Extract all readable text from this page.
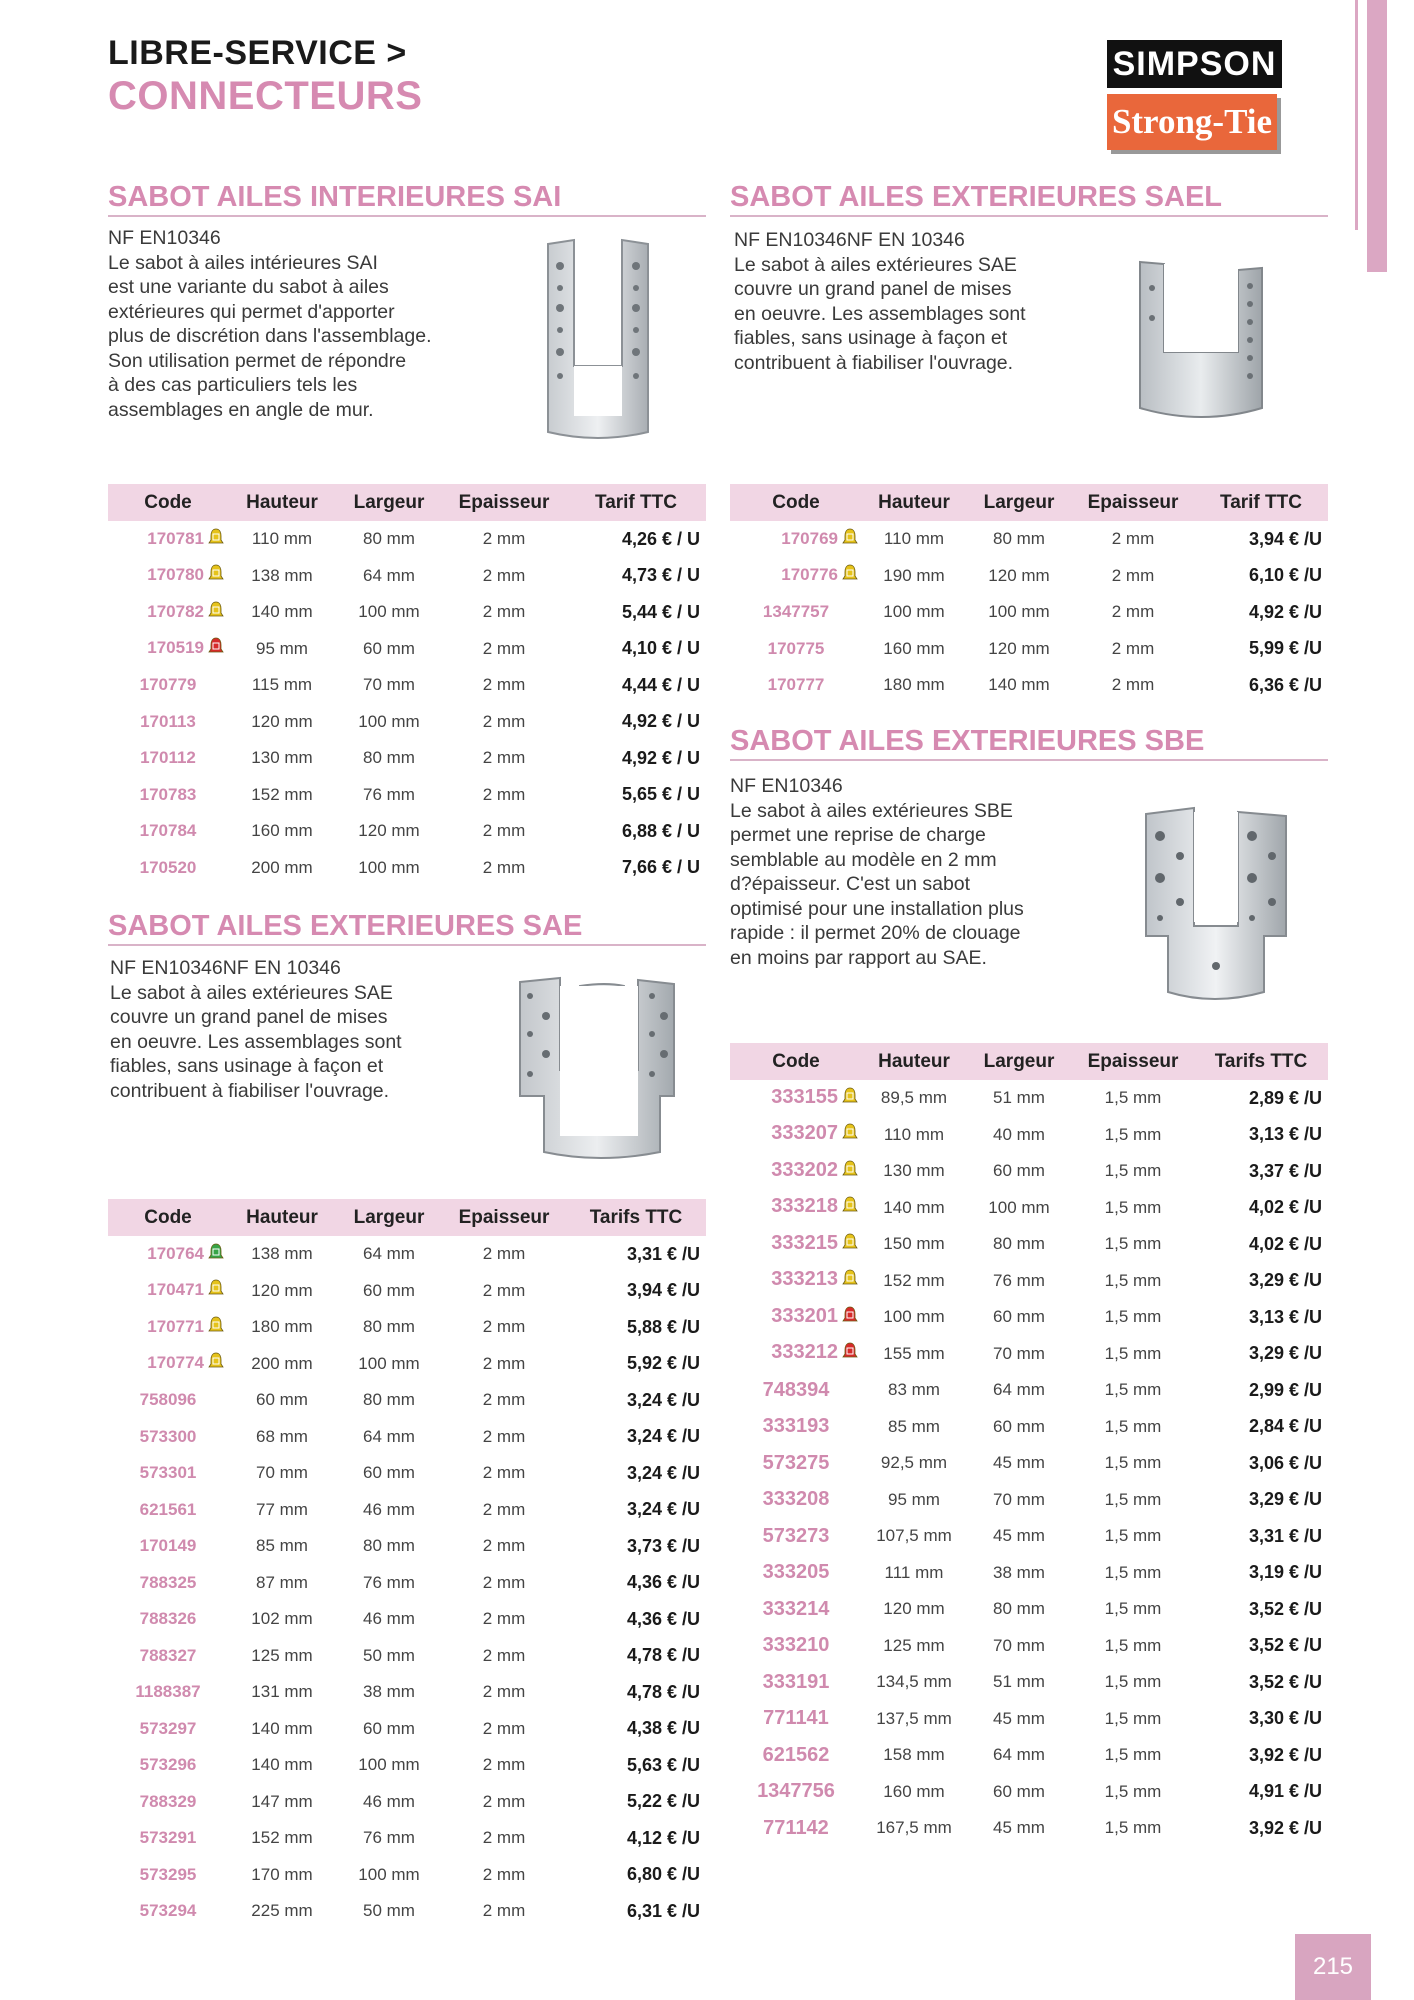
LIBRE-SERVICE >
CONNECTEURS
SIMPSON
Strong-Tie
SABOT AILES INTERIEURES SAI
NF EN10346
Le sabot à ailes intérieures SAI
est une variante du sabot à ailes
extérieures qui permet d'apporter
plus de discrétion dans l'assemblage.
Son utilisation permet de répondre
à des cas particuliers tels les
assemblages en angle de mur.
Code	Hauteur	Largeur	Epaisseur	Tarif TTC
170781	110 mm	80 mm	2 mm	4,26 € / U
170780	138 mm	64 mm	2 mm	4,73 € / U
170782	140 mm	100 mm	2 mm	5,44 € / U
170519	95 mm	60 mm	2 mm	4,10 € / U
170779	115 mm	70 mm	2 mm	4,44 € / U
170113	120 mm	100 mm	2 mm	4,92 € / U
170112	130 mm	80 mm	2 mm	4,92 € / U
170783	152 mm	76 mm	2 mm	5,65 € / U
170784	160 mm	120 mm	2 mm	6,88 € / U
170520	200 mm	100 mm	2 mm	7,66 € / U
SABOT AILES EXTERIEURES SAEL
NF EN10346NF EN 10346
Le sabot à ailes extérieures SAE
couvre un grand panel de mises
en oeuvre. Les assemblages sont
fiables, sans usinage à façon et
contribuent à fiabiliser l'ouvrage.
Code	Hauteur	Largeur	Epaisseur	Tarif TTC
170769	110 mm	80 mm	2 mm	3,94 € /U
170776	190 mm	120 mm	2 mm	6,10 € /U
1347757	100 mm	100 mm	2 mm	4,92 € /U
170775	160 mm	120 mm	2 mm	5,99 € /U
170777	180 mm	140 mm	2 mm	6,36 € /U
SABOT AILES EXTERIEURES SAE
NF EN10346NF EN 10346
Le sabot à ailes extérieures SAE
couvre un grand panel de mises
en oeuvre. Les assemblages sont
fiables, sans usinage à façon et
contribuent à fiabiliser l'ouvrage.
Code	Hauteur	Largeur	Epaisseur	Tarifs TTC
170764	138 mm	64 mm	2 mm	3,31 € /U
170471	120 mm	60 mm	2 mm	3,94 € /U
170771	180 mm	80 mm	2 mm	5,88 € /U
170774	200 mm	100 mm	2 mm	5,92 € /U
758096	60 mm	80 mm	2 mm	3,24 € /U
573300	68 mm	64 mm	2 mm	3,24 € /U
573301	70 mm	60 mm	2 mm	3,24 € /U
621561	77 mm	46 mm	2 mm	3,24 € /U
170149	85 mm	80 mm	2 mm	3,73 € /U
788325	87 mm	76 mm	2 mm	4,36 € /U
788326	102 mm	46 mm	2 mm	4,36 € /U
788327	125 mm	50 mm	2 mm	4,78 € /U
1188387	131 mm	38 mm	2 mm	4,78 € /U
573297	140 mm	60 mm	2 mm	4,38 € /U
573296	140 mm	100 mm	2 mm	5,63 € /U
788329	147 mm	46 mm	2 mm	5,22 € /U
573291	152 mm	76 mm	2 mm	4,12 € /U
573295	170 mm	100 mm	2 mm	6,80 € /U
573294	225 mm	50 mm	2 mm	6,31 € /U
SABOT AILES EXTERIEURES SBE
NF EN10346
Le sabot à ailes extérieures SBE
permet une reprise de charge
semblable au modèle en 2 mm
d?épaisseur. C'est un sabot
optimisé pour une installation plus
rapide : il permet 20% de clouage
en moins par rapport au SAE.
Code	Hauteur	Largeur	Epaisseur	Tarifs TTC
333155	89,5 mm	51 mm	1,5 mm	2,89 € /U
333207	110 mm	40 mm	1,5 mm	3,13 € /U
333202	130 mm	60 mm	1,5 mm	3,37 € /U
333218	140 mm	100 mm	1,5 mm	4,02 € /U
333215	150 mm	80 mm	1,5 mm	4,02 € /U
333213	152 mm	76 mm	1,5 mm	3,29 € /U
333201	100 mm	60 mm	1,5 mm	3,13 € /U
333212	155 mm	70 mm	1,5 mm	3,29 € /U
748394	83 mm	64 mm	1,5 mm	2,99 € /U
333193	85 mm	60 mm	1,5 mm	2,84 € /U
573275	92,5 mm	45 mm	1,5 mm	3,06 € /U
333208	95 mm	70 mm	1,5 mm	3,29 € /U
573273	107,5 mm	45 mm	1,5 mm	3,31 € /U
333205	111 mm	38 mm	1,5 mm	3,19 € /U
333214	120 mm	80 mm	1,5 mm	3,52 € /U
333210	125 mm	70 mm	1,5 mm	3,52 € /U
333191	134,5 mm	51 mm	1,5 mm	3,52 € /U
771141	137,5 mm	45 mm	1,5 mm	3,30 € /U
621562	158 mm	64 mm	1,5 mm	3,92 € /U
1347756	160 mm	60 mm	1,5 mm	4,91 € /U
771142	167,5 mm	45 mm	1,5 mm	3,92 € /U
215
